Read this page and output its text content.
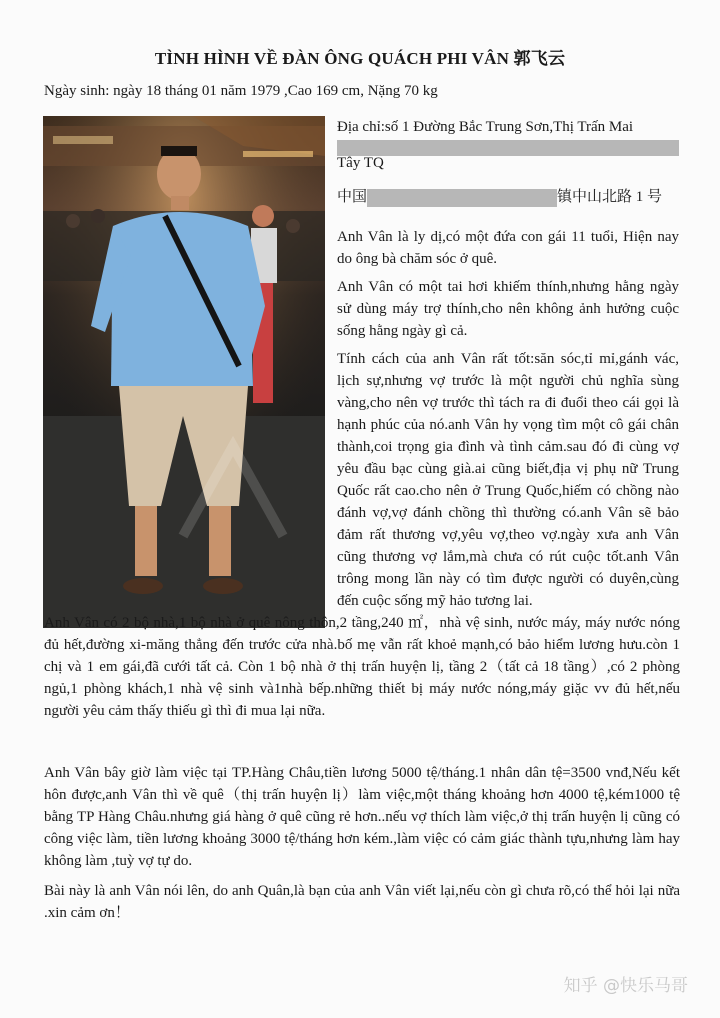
TÌNH HÌNH VỀ ĐÀN ÔNG QUÁCH PHI VÂN 郭飞云
Ngày sinh: ngày 18 tháng 01 năm 1979 ,Cao 169 cm, Nặng 70 kg
Địa chỉ:số 1 Đường Bắc Trung Sơn,Thị Trấn Mai
Tây TQ
中国	镇中山北路 1 号
Anh Vân là ly dị,có một đứa con gái 11 tuổi, Hiện nay do ông bà chăm sóc ở quê.
Anh Vân có một tai hơi khiếm thính,nhưng hằng ngày sử dùng máy trợ thính,cho nên không ảnh hưởng cuộc sống hằng ngày gì cả.
Tính cách của anh Vân rất tốt:săn sóc,tỉ mỉ,gánh vác, lịch sự,nhưng vợ trước là một người chủ nghĩa sùng vàng,cho nên vợ trước thì tách ra đi đuổi theo cái gọi là hạnh phúc của nó.anh Vân hy vọng tìm một cô gái chân thành,coi trọng gia đình và tình cảm.sau đó đi cùng vợ yêu đầu bạc cùng già.ai cũng biết,địa vị phụ nữ Trung Quốc rất cao.cho nên ở Trung Quốc,hiếm có chồng nào đánh vợ,vợ đánh chồng thì thường có.anh Vân sẽ bảo đảm rất thương vợ,yêu vợ,theo vợ.ngày xưa anh Vân cũng thương vợ lắm,mà chưa có rút cuộc tốt.anh Vân trông mong lần này có tìm được người có duyên,cùng đến cuộc sống mỹ hảo tương lai.
Anh Vân có 2 bộ nhà,1 bộ nhà ở quê nông thôn,2 tầng,240 ㎡，nhà vệ sinh, nước máy, máy nước nóng đủ hết,đường xi-măng thẳng đến trước cửa nhà.bố mẹ vẫn rất khoẻ mạnh,có bảo hiểm lương hưu.còn 1 chị và 1 em gái,đã cưới tất cả. Còn 1 bộ nhà ở thị trấn huyện lị, tầng 2（tất cả 18 tầng）,có 2 phòng ngủ,1 phòng khách,1 nhà vệ sinh và1nhà bếp.những thiết bị máy nước nóng,máy giặc vv đủ hết,nếu người yêu cảm thấy thiếu gì thì đi mua lại nữa.
Anh Vân bây giờ làm việc tại TP.Hàng Châu,tiền lương 5000 tệ/tháng.1 nhân dân tệ=3500 vnđ,Nếu kết hôn được,anh Vân thì về quê（thị trấn huyện lị）làm việc,một tháng khoảng hơn 4000 tệ,kém1000 tệ bằng TP Hàng Châu.nhưng giá hàng ở quê cũng rẻ hơn..nếu vợ thích làm việc,ở thị trấn huyện lị cũng có công việc làm, tiền lương khoảng 3000 tệ/tháng hơn kém.,làm việc có cảm giác thành tựu,nhưng làm hay không làm ,tuỳ vợ tự do.
Bài này là anh Vân nói lên, do anh Quân,là bạn của anh Vân viết lại,nếu còn gì chưa rõ,có thể hỏi lại nữa .xin cảm ơn！
知乎 @快乐马哥
